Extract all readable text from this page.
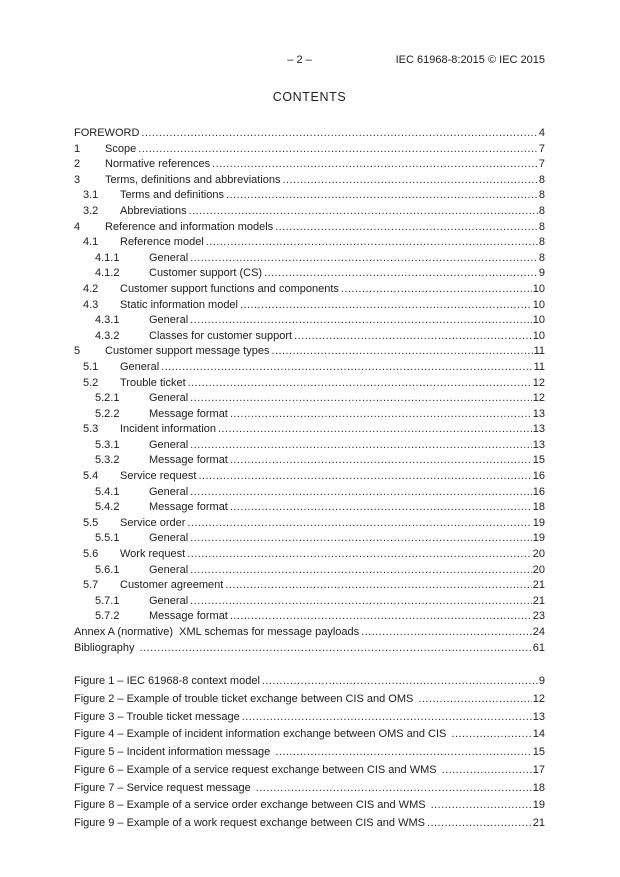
– 2 –	IEC 61968-8:2015 © IEC 2015
CONTENTS
FOREWORD .....	4
1	Scope .....	7
2	Normative references .....	7
3	Terms, definitions and abbreviations .....	8
3.1	Terms and definitions .....	8
3.2	Abbreviations .....	8
4	Reference and information models .....	8
4.1	Reference model .....	8
4.1.1	General .....	8
4.1.2	Customer support (CS) .....	9
4.2	Customer support functions and components .....	10
4.3	Static information model .....	10
4.3.1	General .....	10
4.3.2	Classes for customer support .....	10
5	Customer support message types .....	11
5.1	General .....	11
5.2	Trouble ticket .....	12
5.2.1	General .....	12
5.2.2	Message format .....	13
5.3	Incident information .....	13
5.3.1	General .....	13
5.3.2	Message format .....	15
5.4	Service request .....	16
5.4.1	General .....	16
5.4.2	Message format .....	18
5.5	Service order .....	19
5.5.1	General .....	19
5.6	Work request .....	20
5.6.1	General .....	20
5.7	Customer agreement .....	21
5.7.1	General .....	21
5.7.2	Message format .....	23
Annex A (normative)  XML schemas for message payloads .....	24
Bibliography .....	61
Figure 1 – IEC 61968-8 context model .....	9
Figure 2 – Example of trouble ticket exchange between CIS and OMS .....	12
Figure 3 – Trouble ticket message .....	13
Figure 4 – Example of incident information exchange between OMS and CIS .....	14
Figure 5 – Incident information message .....	15
Figure 6 – Example of a service request exchange between CIS and WMS .....	17
Figure 7 – Service request message .....	18
Figure 8 – Example of a service order exchange between CIS and WMS .....	19
Figure 9 – Example of a work request exchange between CIS and WMS .....	21
